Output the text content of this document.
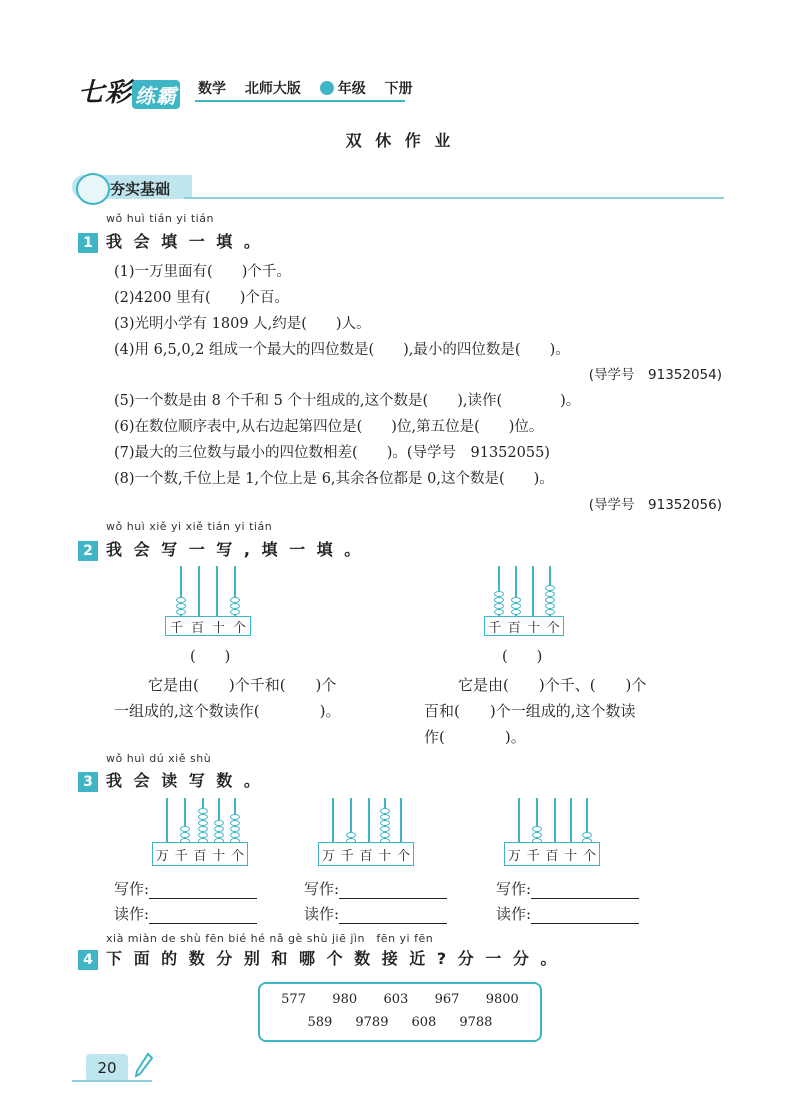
七彩 练霸 数学 北师大版	年级 下册
双 休 作 业
夯实基础
wǒ huì tián yi tián
1 我 会 填 一 填 。
(1)一万里面有(　　)个千。
(2)4200 里有(　　)个百。
(3)光明小学有 1809 人,约是(　　)人。
(4)用 6,5,0,2 组成一个最大的四位数是(　　),最小的四位数是(　　)。
(导学号　91352054)
(5)一个数是由 8 个千和 5 个十组成的,这个数是(　　),读作(　　　　)。
(6)在数位顺序表中,从右边起第四位是(　　)位,第五位是(　　)位。
(7)最大的三位数与最小的四位数相差(　　)。(导学号　91352055)
(8)一个数,千位上是 1,个位上是 6,其余各位都是 0,这个数是(　　)。
(导学号　91352056)
wǒ huì xiě yi xiě tián yi tián
2 我 会 写 一 写 , 填 一 填 。
千 百 十 个	千 百 十 个
(　　)	(　　)
它是由(　　)个千和(　　)个
一组成的,这个数读作(　　　　)。
它是由(　　)个千、(　　)个
百和(　　)个一组成的,这个数读
作(　　　　)。
wǒ huì dú xiě shù
3 我 会 读 写 数 。
万 千 百 十 个	万 千 百 十 个	万 千 百 十 个
写作:
读作:
写作:
读作:
写作:
读作:
xià miàn de shù fēn bié hé nǎ gè shù jiē jìn　fēn yi fēn
4 下 面 的 数 分 别 和 哪 个 数 接 近 ? 分 一 分 。
577 980 603 967 9800
589 9789 608 9788
20
